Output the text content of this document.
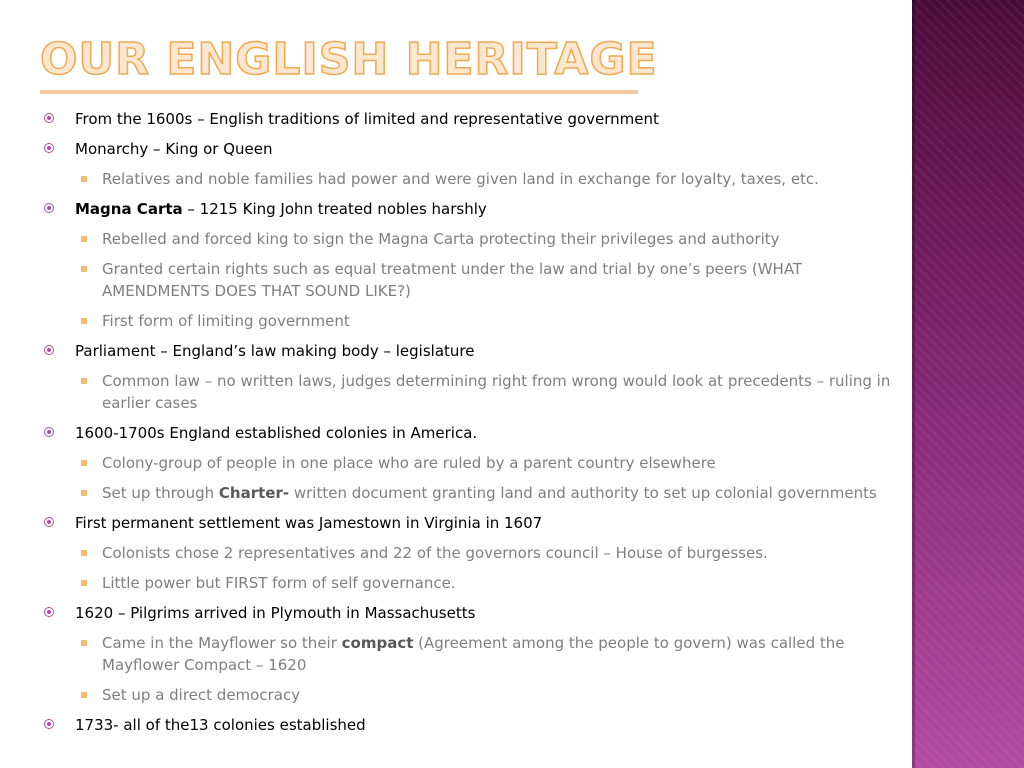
OUR ENGLISH HERITAGE
From the 1600s – English traditions of limited and representative government
Monarchy – King or Queen
Relatives and noble families had power and were given land in exchange for loyalty, taxes, etc.
Magna Carta – 1215 King John treated nobles harshly
Rebelled and forced king to sign the Magna Carta protecting their privileges and authority
Granted certain rights such as equal treatment under the law and trial by one’s peers (WHAT AMENDMENTS DOES THAT SOUND LIKE?)
First form of limiting government
Parliament – England’s law making body – legislature
Common law – no written laws, judges determining right from wrong would look at precedents – ruling in earlier cases
1600-1700s England established colonies in America.
Colony-group of people in one place who are ruled by a parent country elsewhere
Set up through Charter- written document granting land and authority to set up colonial governments
First permanent settlement was Jamestown in Virginia in 1607
Colonists chose 2 representatives and 22 of the governors council – House of burgesses.
Little power but FIRST form of self governance.
1620 – Pilgrims arrived in Plymouth in Massachusetts
Came in the Mayflower so their compact (Agreement among the people to govern) was called the Mayflower Compact – 1620
Set up a direct democracy
1733- all of the13 colonies established
